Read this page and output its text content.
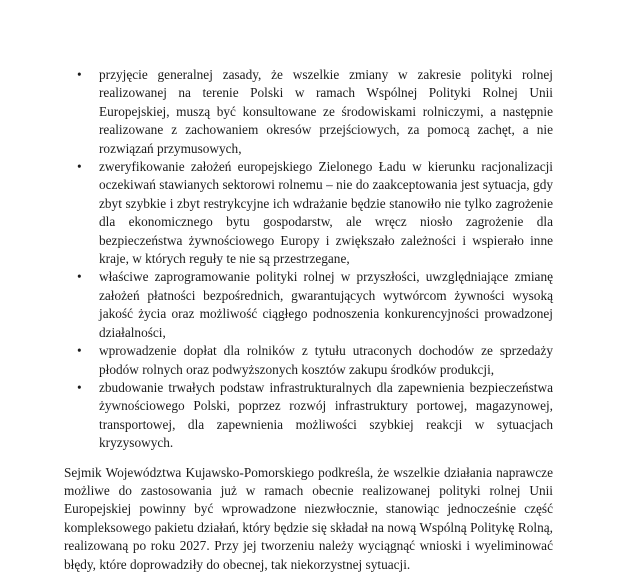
• przyjęcie generalnej zasady, że wszelkie zmiany w zakresie polityki rolnej realizowanej na terenie Polski w ramach Wspólnej Polityki Rolnej Unii Europejskiej, muszą być konsultowane ze środowiskami rolniczymi, a następnie realizowane z zachowaniem okresów przejściowych, za pomocą zachęt, a nie rozwiązań przymusowych,
• zweryfikowanie założeń europejskiego Zielonego Ładu w kierunku racjonalizacji oczekiwań stawianych sektorowi rolnemu – nie do zaakceptowania jest sytuacja, gdy zbyt szybkie i zbyt restrykcyjne ich wdrażanie będzie stanowiło nie tylko zagrożenie dla ekonomicznego bytu gospodarstw, ale wręcz niosło zagrożenie dla bezpieczeństwa żywnościowego Europy i zwiększało zależności i wspierało inne kraje, w których reguły te nie są przestrzegane,
• właściwe zaprogramowanie polityki rolnej w przyszłości, uwzględniające zmianę założeń płatności bezpośrednich, gwarantujących wytwórcom żywności wysoką jakość życia oraz możliwość ciągłego podnoszenia konkurencyjności prowadzonej działalności,
• wprowadzenie dopłat dla rolników z tytułu utraconych dochodów ze sprzedaży płodów rolnych oraz podwyższonych kosztów zakupu środków produkcji,
• zbudowanie trwałych podstaw infrastrukturalnych dla zapewnienia bezpieczeństwa żywnościowego Polski, poprzez rozwój infrastruktury portowej, magazynowej, transportowej, dla zapewnienia możliwości szybkiej reakcji w sytuacjach kryzysowych.

Sejmik Województwa Kujawsko-Pomorskiego podkreśla, że wszelkie działania naprawcze możliwe do zastosowania już w ramach obecnie realizowanej polityki rolnej Unii Europejskiej powinny być wprowadzone niezwłocznie, stanowiąc jednocześnie część kompleksowego pakietu działań, który będzie się składał na nową Wspólną Politykę Rolną, realizowaną po roku 2027. Przy jej tworzeniu należy wyciągnąć wnioski i wyeliminować błędy, które doprowadziły do obecnej, tak niekorzystnej sytuacji.
